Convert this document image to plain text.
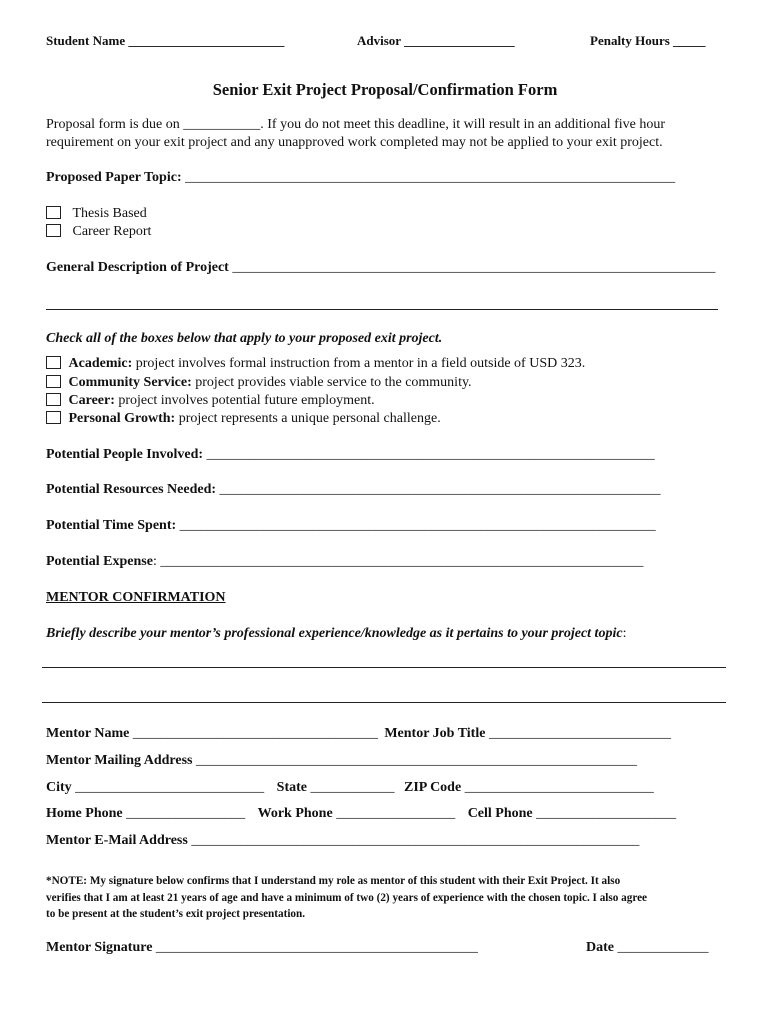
Student Name ________________________	Advisor _________________	Penalty Hours _____
Senior Exit Project Proposal/Confirmation Form
Proposal form is due on ___________. If you do not meet this deadline, it will result in an additional five hour
requirement on your exit project and any unapproved work completed may not be applied to your exit project.
Proposed Paper Topic: ______________________________________________________________________
Thesis Based
Career Report
General Description of Project _____________________________________________________________________
Check all of the boxes below that apply to your proposed exit project.
Academic: project involves formal instruction from a mentor in a field outside of USD 323.
Community Service: project provides viable service to the community.
Career: project involves potential future employment.
Personal Growth: project represents a unique personal challenge.
Potential People Involved: ________________________________________________________________
Potential Resources Needed: _______________________________________________________________
Potential Time Spent: ____________________________________________________________________
Potential Expense: _____________________________________________________________________
MENTOR CONFIRMATION
Briefly describe your mentor’s professional experience/knowledge as it pertains to your project topic:
Mentor Name ___________________________________ Mentor Job Title __________________________
Mentor Mailing Address _______________________________________________________________
City ___________________________ State ____________ ZIP Code ___________________________
Home Phone _________________ Work Phone _________________ Cell Phone ____________________
Mentor E-Mail Address ________________________________________________________________
*NOTE: My signature below confirms that I understand my role as mentor of this student with their Exit Project. It also
verifies that I am at least 21 years of age and have a minimum of two (2) years of experience with the chosen topic. I also agree
to be present at the student’s exit project presentation.
Mentor Signature ______________________________________________	Date _____________
